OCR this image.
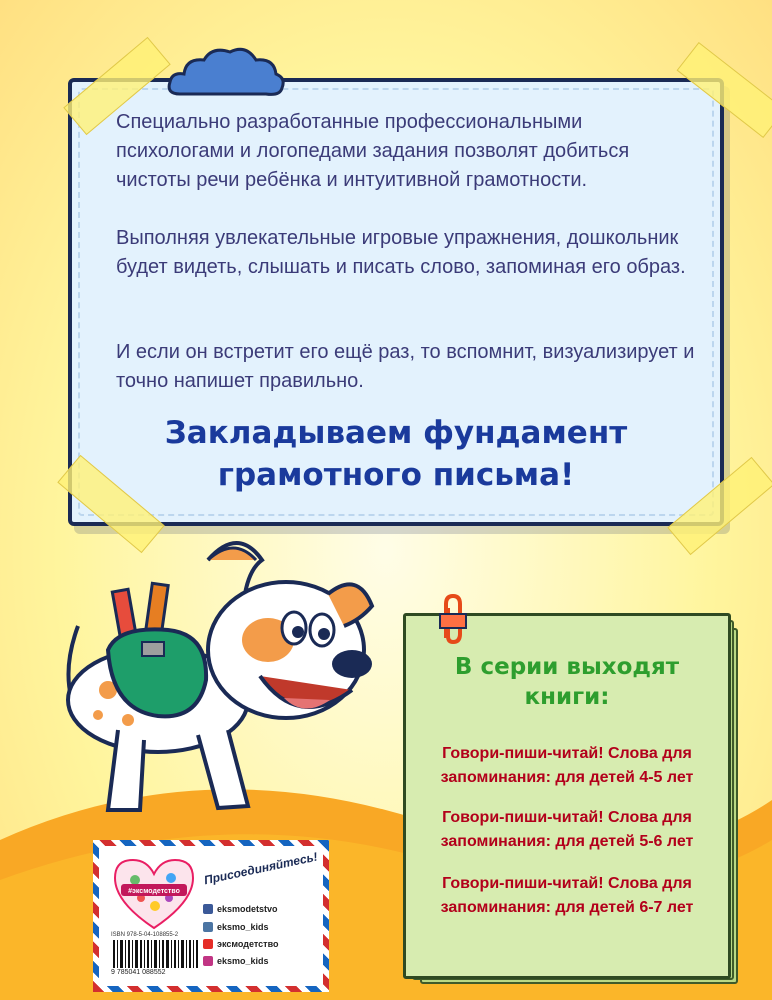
Специально разработанные профессиональными психологами и логопедами задания позволят добиться чистоты речи ребёнка и интуитивной грамотности.

Выполняя увлекательные игровые упражнения, дошкольник будет видеть, слышать и писать слово, запоминая его образ.

И если он встретит его ещё раз, то вспомнит, визуализирует и точно напишет правильно.

Закладываем фундамент
грамотного письма!
В серии выходят
книги:

Говори-пиши-читай! Слова для запоминания: для детей 4-5 лет

Говори-пиши-читай! Слова для запоминания: для детей 5-6 лет

Говори-пиши-читай! Слова для запоминания: для детей 6-7 лет

#эксмодетство

Присоединяйтесь!

ISBN 978-5-04-108855-2

9 785041 088552

eksmodetstvo

eksmo_kids

эксмодетство

eksmo_kids
